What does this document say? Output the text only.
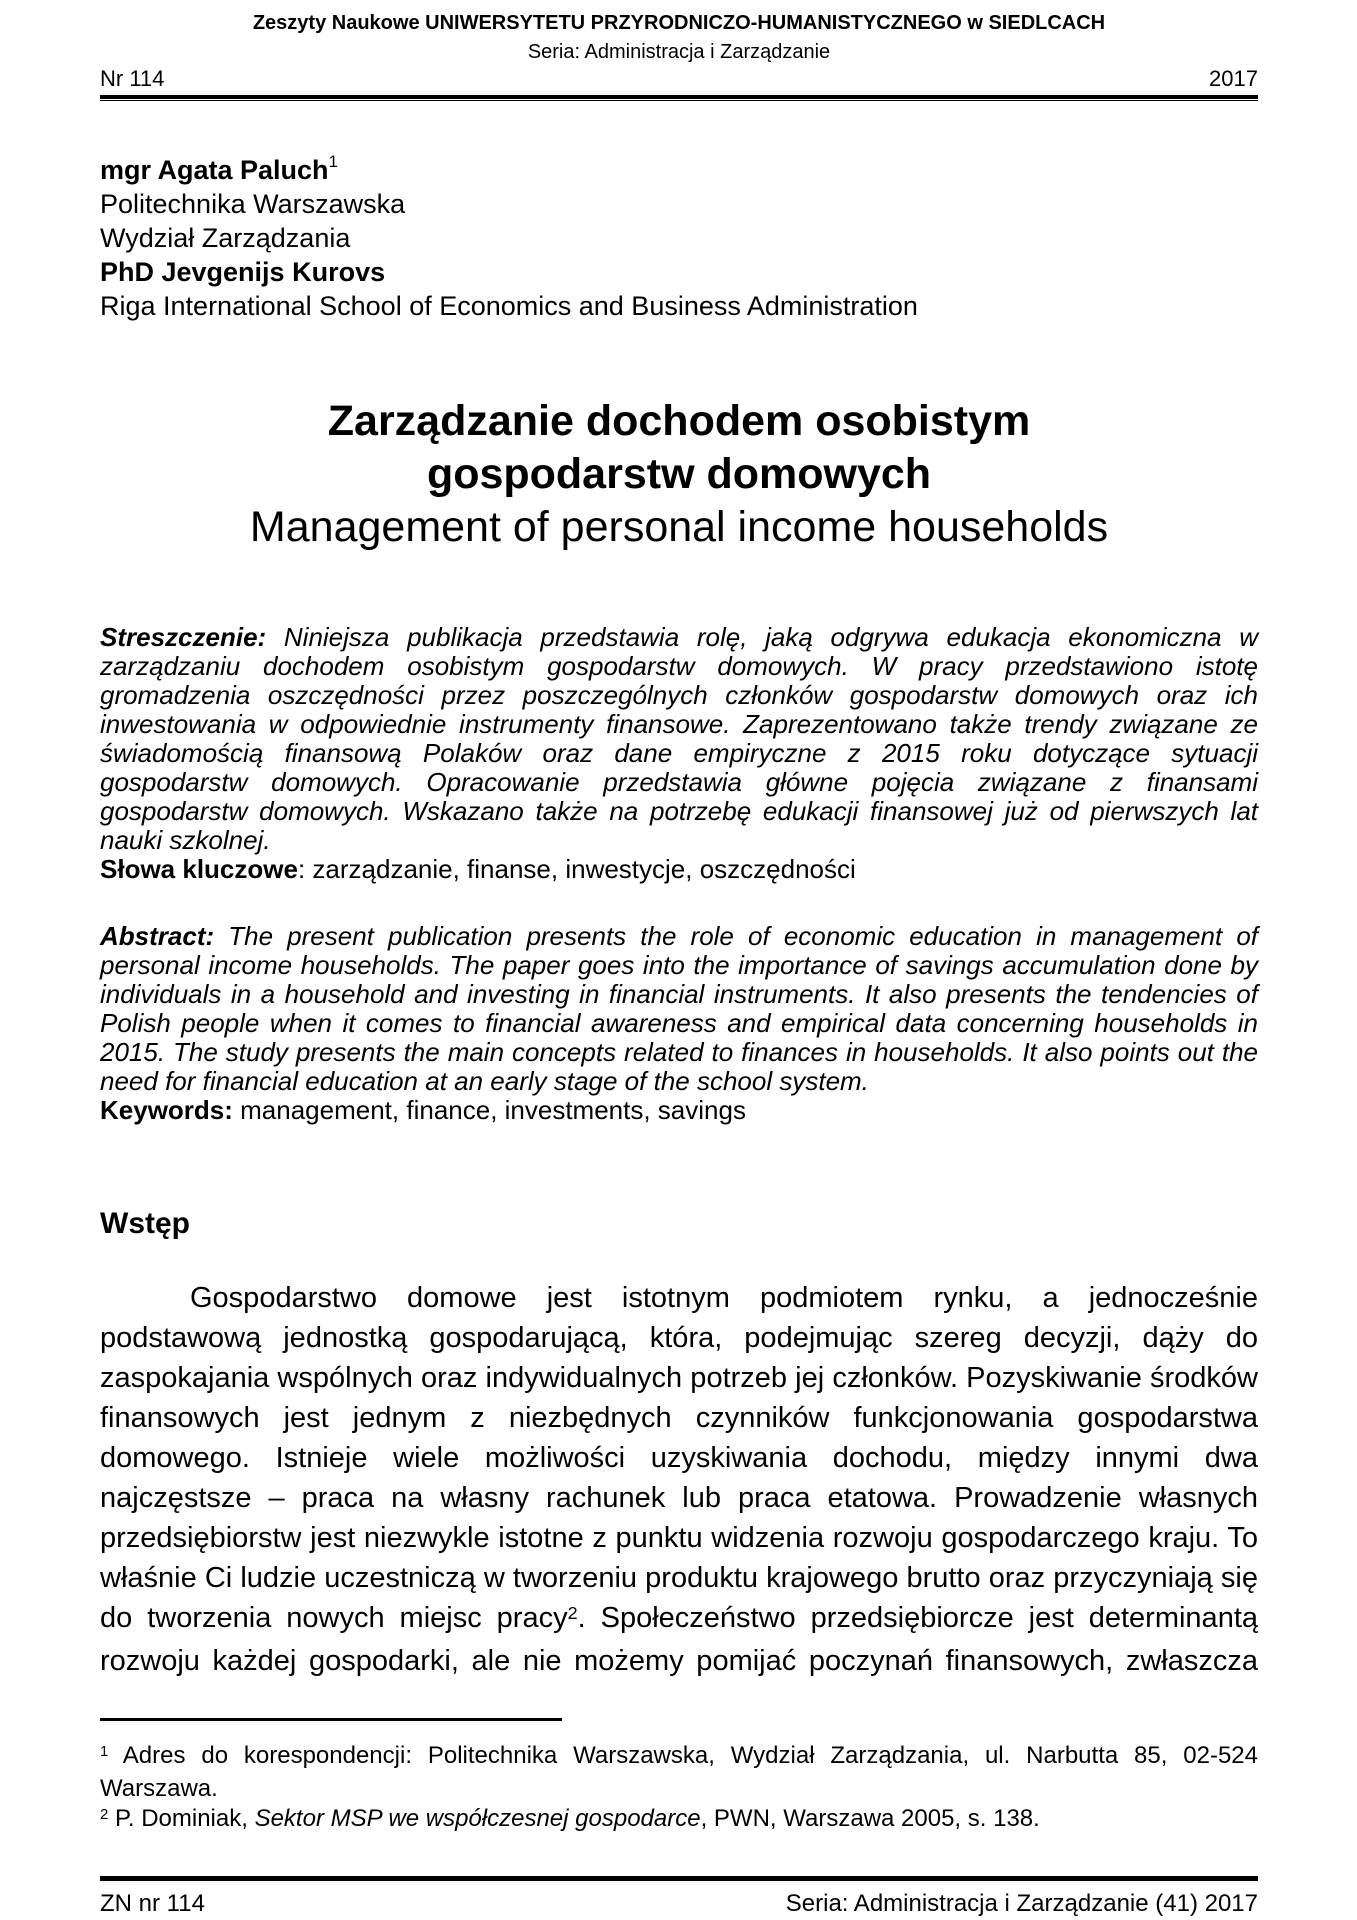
Zeszyty Naukowe UNIWERSYTETU PRZYRODNICZO-HUMANISTYCZNEGO w SIEDLCACH
Seria: Administracja i Zarządzanie
Nr 114	2017
mgr Agata Paluch$^1$
Politechnika Warszawska
Wydział Zarządzania
PhD Jevgenijs Kurovs
Riga International School of Economics and Business Administration
Zarządzanie dochodem osobistym
gospodarstw domowych
Management of personal income households
Streszczenie: Niniejsza publikacja przedstawia rolę, jaką odgrywa edukacja ekonomiczna w zarządzaniu dochodem osobistym gospodarstw domowych. W pracy przedstawiono istotę gromadzenia oszczędności przez poszczególnych członków gospodarstw domowych oraz ich inwestowania w odpowiednie instrumenty finansowe. Zaprezentowano także trendy związane ze świadomością finansową Polaków oraz dane empiryczne z 2015 roku dotyczące sytuacji gospodarstw domowych. Opracowanie przedstawia główne pojęcia związane z finansami gospodarstw domowych. Wskazano także na potrzebę edukacji finansowej już od pierwszych lat nauki szkolnej.
Słowa kluczowe: zarządzanie, finanse, inwestycje, oszczędności
Abstract: The present publication presents the role of economic education in management of personal income households. The paper goes into the importance of savings accumulation done by individuals in a household and investing in financial instruments. It also presents the tendencies of Polish people when it comes to financial awareness and empirical data concerning households in 2015. The study presents the main concepts related to finances in households. It also points out the need for financial education at an early stage of the school system.
Keywords: management, finance, investments, savings
Wstęp
Gospodarstwo domowe jest istotnym podmiotem rynku, a jednocześnie podstawową jednostką gospodarującą, która, podejmując szereg decyzji, dąży do zaspokajania wspólnych oraz indywidualnych potrzeb jej członków. Pozyskiwanie środków finansowych jest jednym z niezbędnych czynników funkcjonowania gospodarstwa domowego. Istnieje wiele możliwości uzyskiwania dochodu, między innymi dwa najczęstsze – praca na własny rachunek lub praca etatowa. Prowadzenie własnych przedsiębiorstw jest niezwykle istotne z punktu widzenia rozwoju gospodarczego kraju. To właśnie Ci ludzie uczestniczą w tworzeniu produktu krajowego brutto oraz przyczyniają się do tworzenia nowych miejsc pracy$^2$. Społeczeństwo przedsiębiorcze jest determinantą rozwoju każdej gospodarki, ale nie możemy pomijać poczynań finansowych, zwłaszcza
$^1$ Adres do korespondencji: Politechnika Warszawska, Wydział Zarządzania, ul. Narbutta 85, 02-524 Warszawa.
$^2$ P. Dominiak, Sektor MSP we współczesnej gospodarce, PWN, Warszawa 2005, s. 138.
ZN nr 114	Seria: Administracja i Zarządzanie (41) 2017
